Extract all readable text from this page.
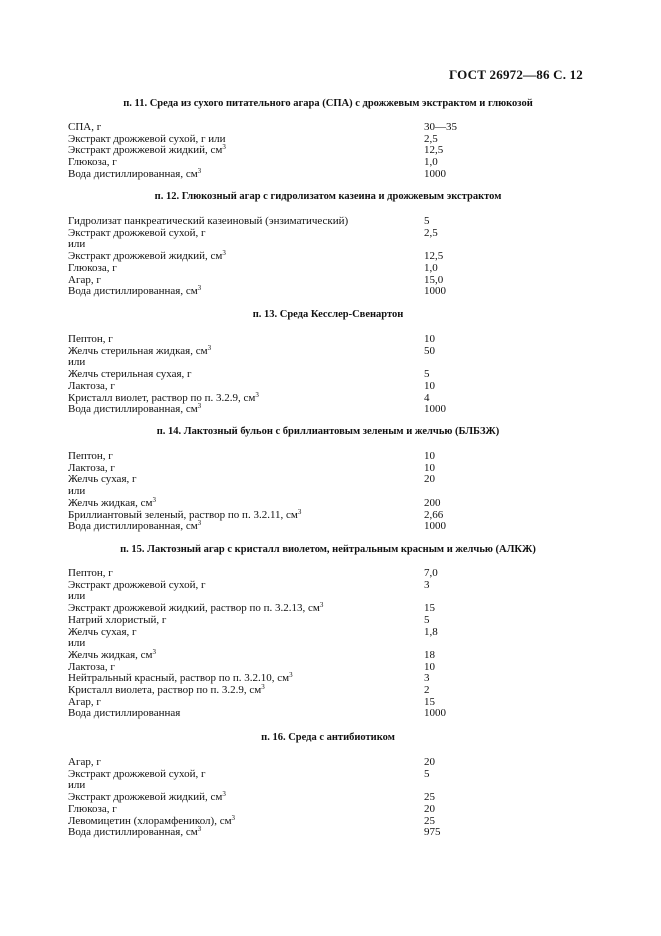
ГОСТ 26972—86 С. 12
п. 11. Среда из сухого питательного агара (СПА) с дрожжевым экстрактом и глюкозой
СПА, г	30—35
Экстракт дрожжевой сухой, г или	2,5
Экстракт дрожжевой жидкий, $см^3$	12,5
Глюкоза, г	1,0
Вода дистиллированная, $см^3$	1000
п. 12. Глюкозный агар с гидролизатом казеина и дрожжевым экстрактом
Гидролизат панкреатический казеиновый (энзиматический)	5
Экстракт дрожжевой сухой, г	2,5
или
Экстракт дрожжевой жидкий, $см^3$	12,5
Глюкоза, г	1,0
Агар, г	15,0
Вода дистиллированная, $см^3$	1000
п. 13. Среда Кесслер-Свенартон
Пептон, г	10
Желчь стерильная жидкая, $см^3$	50
или
Желчь стерильная сухая, г	5
Лактоза, г	10
Кристалл виолет, раствор по п. 3.2.9, $см^3$	4
Вода дистиллированная, $см^3$	1000
п. 14. Лактозный бульон с бриллиантовым зеленым и желчью (БЛБЗЖ)
Пептон, г	10
Лактоза, г	10
Желчь сухая, г	20
или
Желчь жидкая, $см^3$	200
Бриллиантовый зеленый, раствор по п. 3.2.11, $см^3$	2,66
Вода дистиллированная, $см^3$	1000
п. 15. Лактозный агар с кристалл виолетом, нейтральным красным и желчью (АЛКЖ)
Пептон, г	7,0
Экстракт дрожжевой сухой, г	3
или
Экстракт дрожжевой жидкий, раствор по п. 3.2.13, $см^3$	15
Натрий хлористый, г	5
Желчь сухая, г	1,8
или
Желчь жидкая, $см^3$	18
Лактоза, г	10
Нейтральный красный, раствор по п. 3.2.10, $см^3$	3
Кристалл виолета, раствор по п. 3.2.9, $см^3$	2
Агар, г	15
Вода дистиллированная	1000
п. 16. Среда с антибиотиком
Агар, г	20
Экстракт дрожжевой сухой, г	5
или
Экстракт дрожжевой жидкий, $см^3$	25
Глюкоза, г	20
Левомицетин (хлорамфеникол), $см^3$	25
Вода дистиллированная, $см^3$	975
